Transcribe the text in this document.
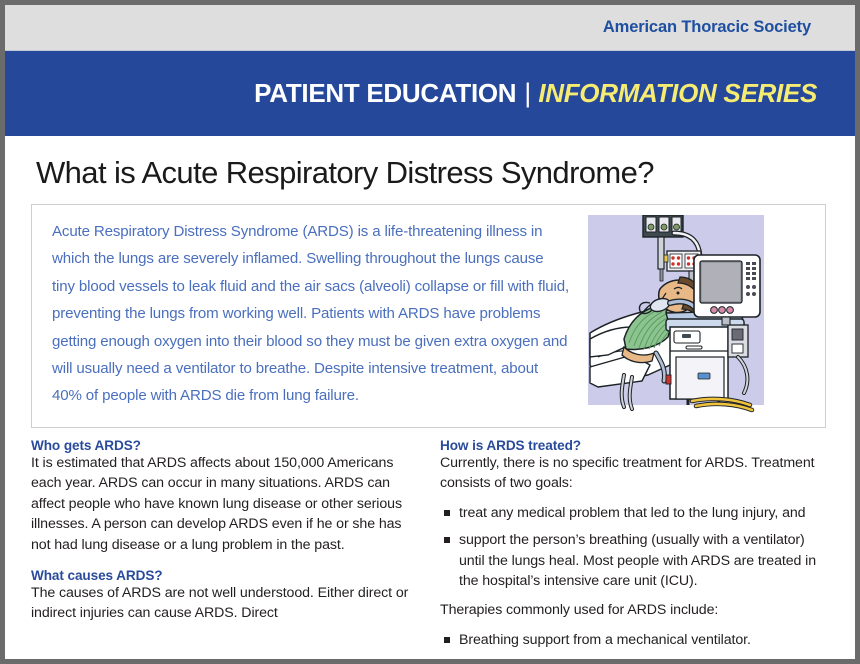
American Thoracic Society
PATIENT EDUCATION | INFORMATION SERIES
What is Acute Respiratory Distress Syndrome?
Acute Respiratory Distress Syndrome (ARDS) is a life-threatening illness in which the lungs are severely inflamed. Swelling throughout the lungs cause tiny blood vessels to leak fluid and the air sacs (alveoli) collapse or fill with fluid, preventing the lungs from working well. Patients with ARDS have problems getting enough oxygen into their blood so they must be given extra oxygen and will usually need a ventilator to breathe. Despite intensive treatment, about 40% of people with ARDS die from lung failure.
Who gets ARDS?
It is estimated that ARDS affects about 150,000 Americans each year. ARDS can occur in many situations. ARDS can affect people who have known lung disease or other serious illnesses. A person can develop ARDS even if he or she has not had lung disease or a lung problem in the past.
What causes ARDS?
The causes of ARDS are not well understood. Either direct or indirect injuries can cause ARDS. Direct
How is ARDS treated?
Currently, there is no specific treatment for ARDS. Treatment consists of two goals:
treat any medical problem that led to the lung injury, and
support the person’s breathing (usually with a ventilator) until the lungs heal. Most people with ARDS are treated in the hospital’s intensive care unit (ICU).
Therapies commonly used for ARDS include:
Breathing support from a mechanical ventilator.
